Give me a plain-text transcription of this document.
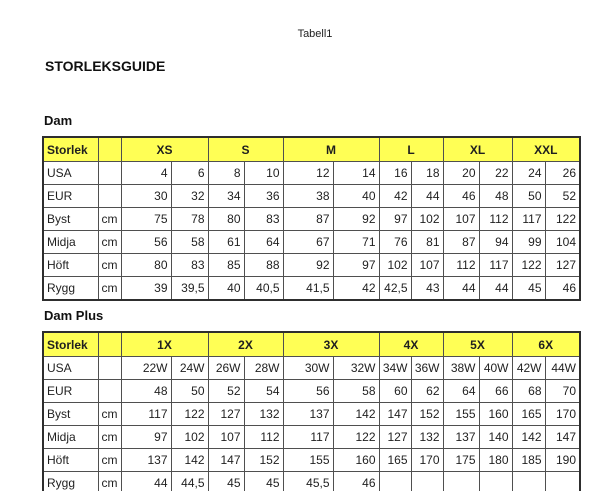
Tabell1
STORLEKSGUIDE
Dam
Storlek		XS		S		M		L		XL		XXL	
USA		4	6	8	10	12	14	16	18	20	22	24	26
EUR		30	32	34	36	38	40	42	44	46	48	50	52
Byst	cm	75	78	80	83	87	92	97	102	107	112	117	122
Midja	cm	56	58	61	64	67	71	76	81	87	94	99	104
Höft	cm	80	83	85	88	92	97	102	107	112	117	122	127
Rygg	cm	39	39,5	40	40,5	41,5	42	42,5	43	44	44	45	46
Dam Plus
Storlek		1X		2X		3X		4X		5X		6X	
USA		22W	24W	26W	28W	30W	32W	34W	36W	38W	40W	42W	44W
EUR		48	50	52	54	56	58	60	62	64	66	68	70
Byst	cm	117	122	127	132	137	142	147	152	155	160	165	170
Midja	cm	97	102	107	112	117	122	127	132	137	140	142	147
Höft	cm	137	142	147	152	155	160	165	170	175	180	185	190
Rygg	cm	44	44,5	45	45	45,5	46						
